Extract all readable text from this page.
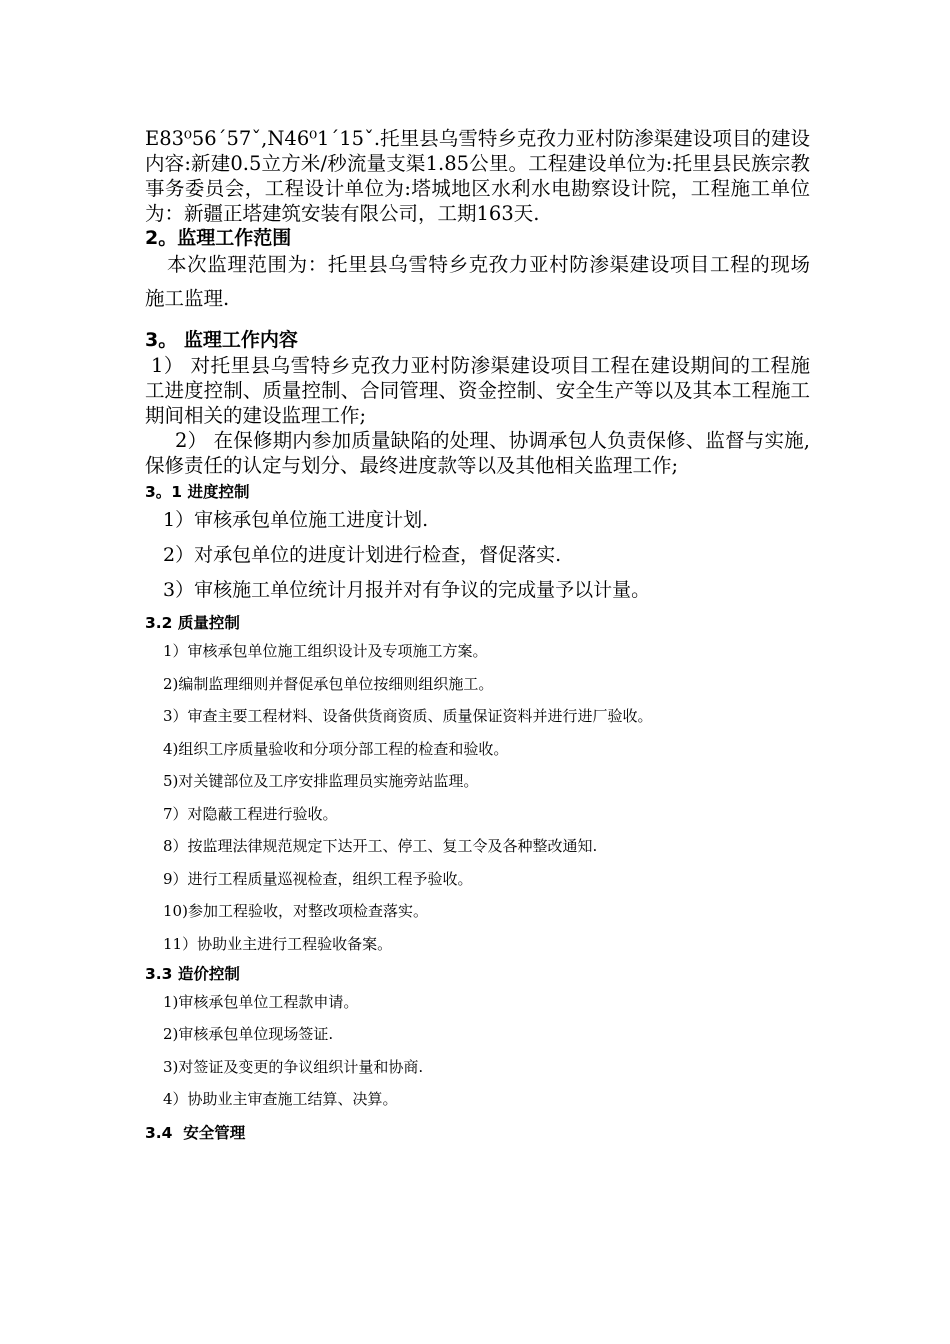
E83⁰56ˊ57ˇ,N46⁰1ˊ15ˇ.托里县乌雪特乡克孜力亚村防渗渠建设项目的建设内容:新建0.5立方米/秒流量支渠1.85公里。工程建设单位为:托里县民族宗教事务委员会，工程设计单位为:塔城地区水利水电勘察设计院，工程施工单位为：新疆正塔建筑安装有限公司，工期163天.

2。监理工作范围

本次监理范围为：托里县乌雪特乡克孜力亚村防渗渠建设项目工程的现场施工监理.

3。 监理工作内容

1） 对托里县乌雪特乡克孜力亚村防渗渠建设项目工程在建设期间的工程施工进度控制、质量控制、合同管理、资金控制、安全生产等以及其本工程施工期间相关的建设监理工作;

2） 在保修期内参加质量缺陷的处理、协调承包人负责保修、监督与实施,保修责任的认定与划分、最终进度款等以及其他相关监理工作;

3。1 进度控制

1）审核承包单位施工进度计划.

2）对承包单位的进度计划进行检查，督促落实.

3）审核施工单位统计月报并对有争议的完成量予以计量。

3.2 质量控制

1）审核承包单位施工组织设计及专项施工方案。

2)编制监理细则并督促承包单位按细则组织施工。

3）审查主要工程材料、设备供货商资质、质量保证资料并进行进厂验收。

4)组织工序质量验收和分项分部工程的检查和验收。

5)对关键部位及工序安排监理员实施旁站监理。

7）对隐蔽工程进行验收。

8）按监理法律规范规定下达开工、停工、复工令及各种整改通知.

9）进行工程质量巡视检查，组织工程予验收。

10)参加工程验收，对整改项检查落实。

11）协助业主进行工程验收备案。

3.3 造价控制

1)审核承包单位工程款申请。

2)审核承包单位现场签证.

3)对签证及变更的争议组织计量和协商.

4）协助业主审查施工结算、决算。

3.4  安全管理
